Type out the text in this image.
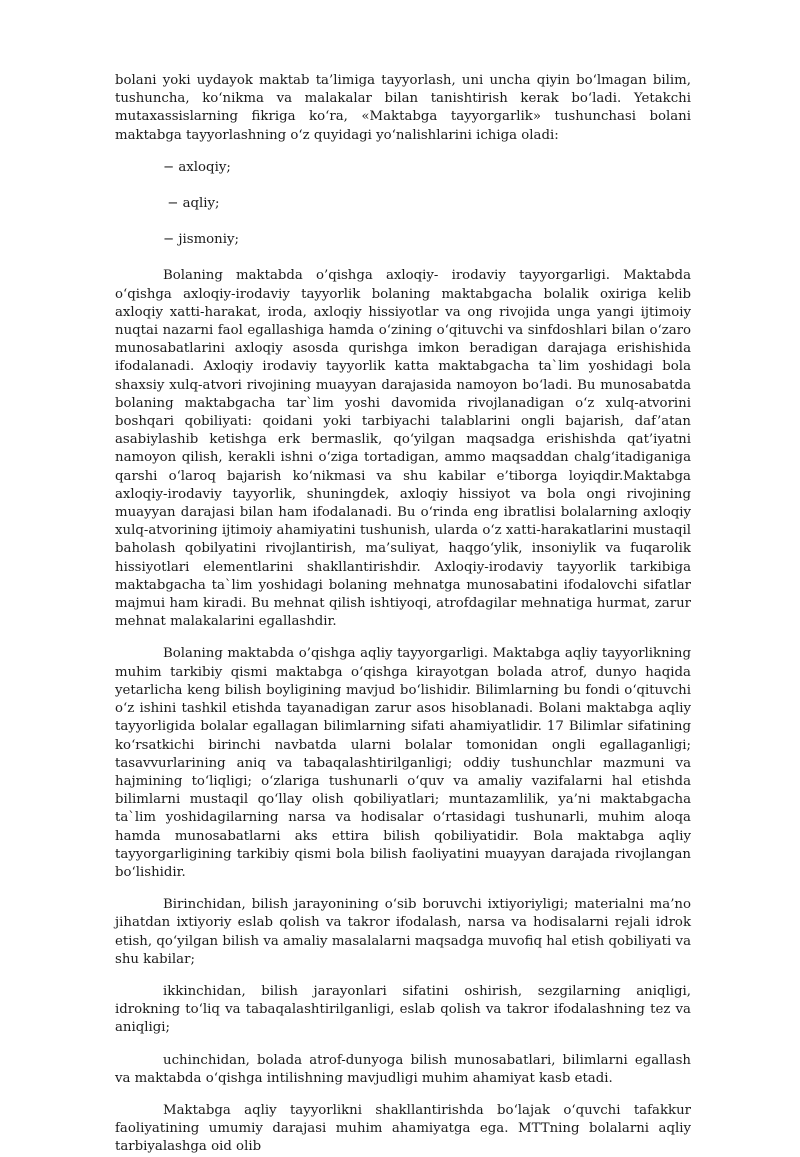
bolani yoki uydayok maktab ta’limiga tayyorlash, uni uncha qiyin bo‘lmagan bilim, tushuncha, ko‘nikma va malakalar bilan tanishtirish kerak bo‘ladi. Yetakchi mutaxassislarning fikriga ko‘ra, «Maktabga tayyorgarlik» tushunchasi bolani maktabga tayyorlashning o‘z quyidagi yo‘nalishlarini ichiga oladi:

− axloqiy;

− aqliy;

− jismoniy;

Bolaning maktabda o’qishga axloqiy- irodaviy tayyorgarligi. Maktabda o‘qishga axloqiy-irodaviy tayyorlik bolaning maktabgacha bolalik oxiriga kelib axloqiy xatti-harakat, iroda, axloqiy hissiyotlar va ong rivojida unga yangi ijtimoiy nuqtai nazarni faol egallashiga hamda o‘zining o‘qituvchi va sinfdoshlari bilan o‘zaro munosabatlarini axloqiy asosda qurishga imkon beradigan darajaga erishishida ifodalanadi. Axloqiy irodaviy tayyorlik katta maktabgacha ta`lim yoshidagi bola shaxsiy xulq-atvori rivojining muayyan darajasida namoyon bo‘ladi. Bu munosabatda bolaning maktabgacha tar`lim yoshi davomida rivojlanadigan o‘z xulq-atvorini boshqari qobiliyati: qoidani yoki tarbiyachi talablarini ongli bajarish, daf’atan asabiylashib ketishga erk bermaslik, qo‘yilgan maqsadga erishishda qat’iyatni namoyon qilish, kerakli ishni o‘ziga tortadigan, ammo maqsaddan chalg‘itadiganiga qarshi o‘laroq bajarish ko‘nikmasi va shu kabilar e’tiborga loyiqdir.Maktabga axloqiy-irodaviy tayyorlik, shuningdek, axloqiy hissiyot va bola ongi rivojining muayyan darajasi bilan ham ifodalanadi. Bu o‘rinda eng ibratlisi bolalarning axloqiy xulq-atvorining ijtimoiy ahamiyatini tushunish, ularda o‘z xatti-harakatlarini mustaqil baholash qobilyatini rivojlantirish, ma’suliyat, haqgo‘ylik, insoniylik va fuqarolik hissiyotlari elementlarini shakllantirishdir. Axloqiy-irodaviy tayyorlik tarkibiga maktabgacha ta`lim yoshidagi bolaning mehnatga munosabatini ifodalovchi sifatlar majmui ham kiradi. Bu mehnat qilish ishtiyoqi, atrofdagilar mehnatiga hurmat, zarur mehnat malakalarini egallashdir.

Bolaning maktabda o’qishga aqliy tayyorgarligi. Maktabga aqliy tayyorlikning muhim tarkibiy qismi maktabga o‘qishga kirayotgan bolada atrof, dunyo haqida yetarlicha keng bilish boyligining mavjud bo‘lishidir. Bilimlarning bu fondi o‘qituvchi o‘z ishini tashkil etishda tayanadigan zarur asos hisoblanadi. Bolani maktabga aqliy tayyorligida bolalar egallagan bilimlarning sifati ahamiyatlidir. 17 Bilimlar sifatining ko‘rsatkichi birinchi navbatda ularni bolalar tomonidan ongli egallaganligi; tasavvurlarining aniq va tabaqalashtirilganligi; oddiy tushunchlar mazmuni va hajmining to‘liqligi; o‘zlariga tushunarli o‘quv va amaliy vazifalarni hal etishda bilimlarni mustaqil qo‘llay olish qobiliyatlari; muntazamlilik, ya’ni maktabgacha ta`lim yoshidagilarning narsa va hodisalar o‘rtasidagi tushunarli, muhim aloqa hamda munosabatlarni aks ettira bilish qobiliyatidir. Bola maktabga aqliy tayyorgarligining tarkibiy qismi bola bilish faoliyatini muayyan darajada rivojlangan bo‘lishidir.

Birinchidan, bilish jarayonining o‘sib boruvchi ixtiyoriyligi; materialni ma’no jihatdan ixtiyoriy eslab qolish va takror ifodalash, narsa va hodisalarni rejali idrok etish, qo‘yilgan bilish va amaliy masalalarni maqsadga muvofiq hal etish qobiliyati va shu kabilar;

ikkinchidan, bilish jarayonlari sifatini oshirish, sezgilarning aniqligi, idrokning to‘liq va tabaqalashtirilganligi, eslab qolish va takror ifodalashning tez va aniqligi;

uchinchidan, bolada atrof-dunyoga bilish munosabatlari, bilimlarni egallash va maktabda o‘qishga intilishning mavjudligi muhim ahamiyat kasb etadi.

Maktabga aqliy tayyorlikni shakllantirishda bo‘lajak o‘quvchi tafakkur faoliyatining umumiy darajasi muhim ahamiyatga ega. MTTning bolalarni aqliy tarbiyalashga oid olib
